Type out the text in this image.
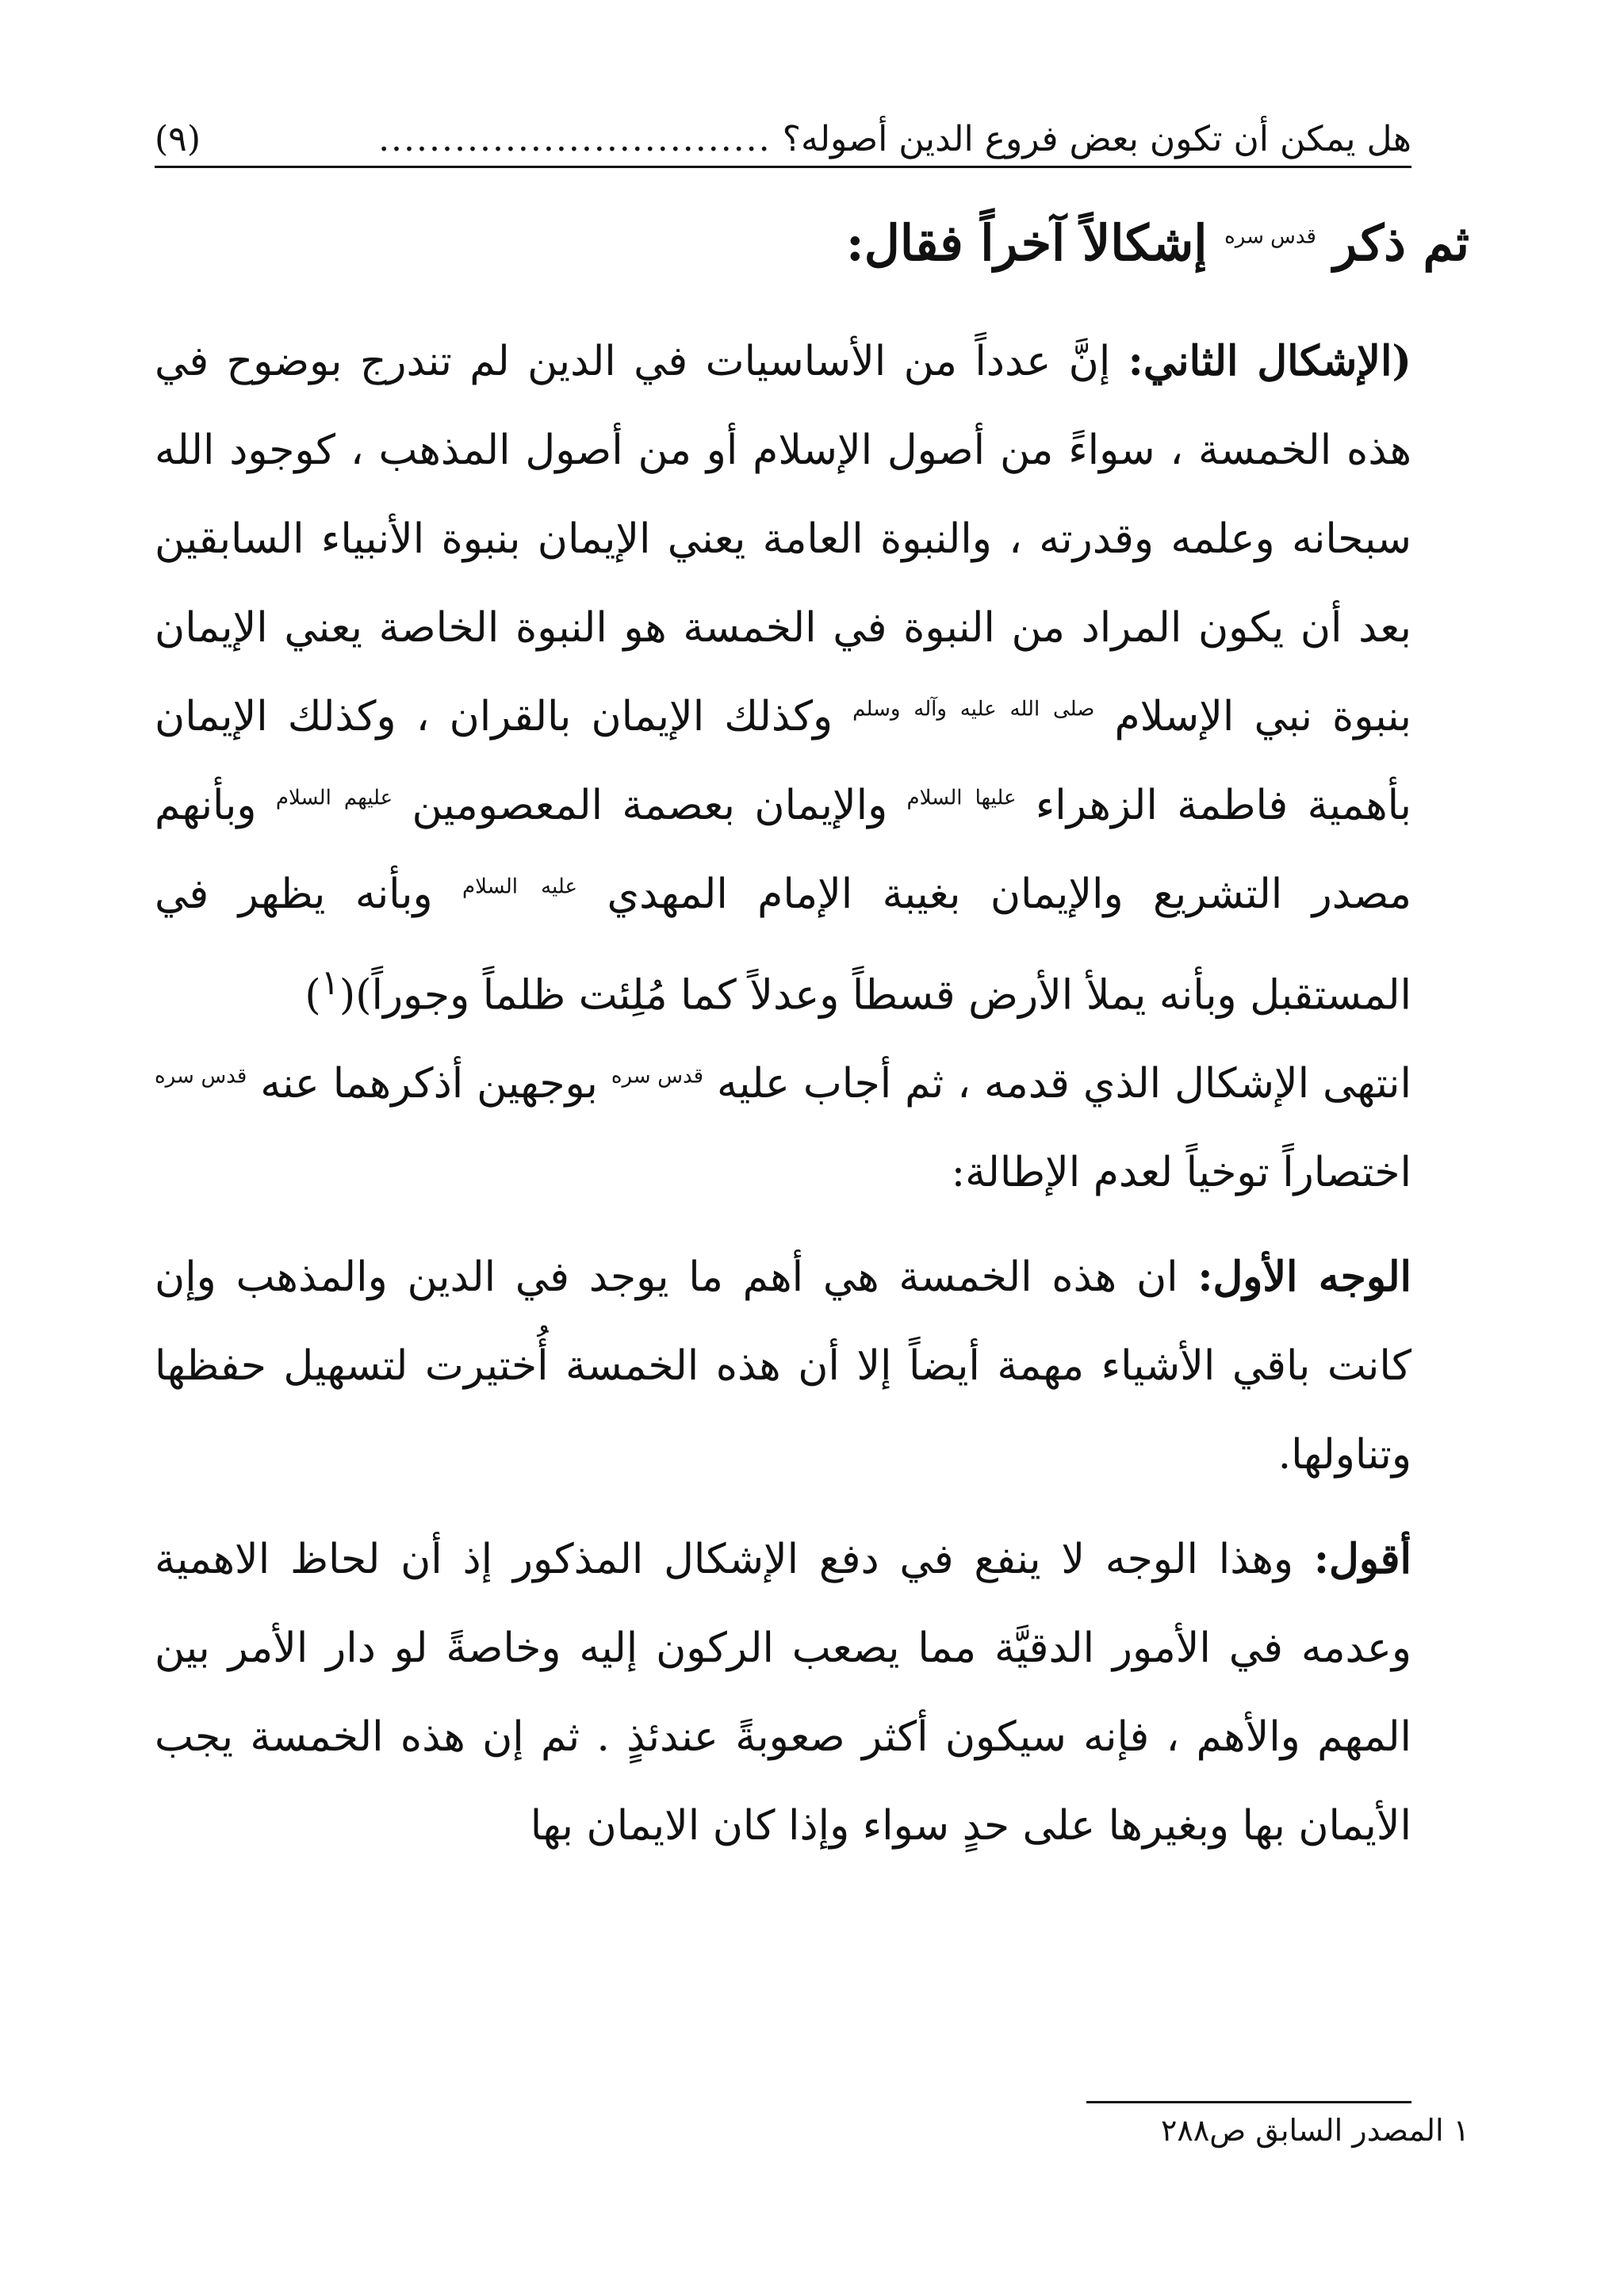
هل يمكن أن تكون بعض فروع الدين أصوله؟
...............................
(٩)
ثم ذكر $^{قدس سره}$ إشكالاً آخراً فقال:

(الإشكال الثاني: إنَّ عدداً من الأساسيات في الدين لم تندرج بوضوح في هذه الخمسة ، سواءً من أصول الإسلام أو من أصول المذهب ، كوجود الله سبحانه وعلمه وقدرته ، والنبوة العامة يعني الإيمان بنبوة الأنبياء السابقين بعد أن يكون المراد من النبوة في الخمسة هو النبوة الخاصة يعني الإيمان بنبوة نبي الإسلام $^{صلى الله عليه وآله وسلم}$ وكذلك الإيمان بالقران ، وكذلك الإيمان بأهمية فاطمة الزهراء $^{عليها السلام}$ والإيمان بعصمة المعصومين $^{عليهم السلام}$ وبأنهم مصدر التشريع والإيمان بغيبة الإمام المهدي $^{عليه السلام}$ وبأنه يظهر في المستقبل وبأنه يملأ الأرض قسطاً وعدلاً كما مُلِئت ظلماً وجوراً)($^١$)

انتهى الإشكال الذي قدمه ، ثم أجاب عليه $^{قدس سره}$ بوجهين أذكرهما عنه $^{قدس سره}$ اختصاراً توخياً لعدم الإطالة:

الوجه الأول: ان هذه الخمسة هي أهم ما يوجد في الدين والمذهب وإن كانت باقي الأشياء مهمة أيضاً إلا أن هذه الخمسة أُختيرت لتسهيل حفظها وتناولها.

أقول: وهذا الوجه لا ينفع في دفع الإشكال المذكور إذ أن لحاظ الاهمية وعدمه في الأمور الدقيَّة مما يصعب الركون إليه وخاصةً لو دار الأمر بين المهم والأهم ، فإنه سيكون أكثر صعوبةً عندئذٍ . ثم إن هذه الخمسة يجب الأيمان بها وبغيرها على حدٍ سواء وإذا كان الايمان بها

١المصدر السابق ص٢٨٨
